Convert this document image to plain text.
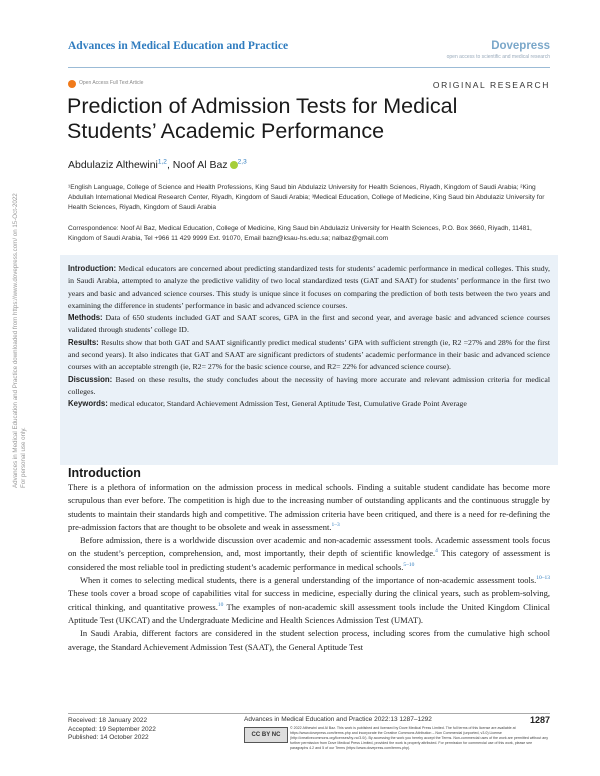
Advances in Medical Education and Practice	Dovepress
open access to scientific and medical research
Open Access Full Text Article	ORIGINAL RESEARCH
Prediction of Admission Tests for Medical Students’ Academic Performance
Abdulaziz Althewini$^{1,2}$, Noof Al Baz $^{2,3}$
¹English Language, College of Science and Health Professions, King Saud bin Abdulaziz University for Health Sciences, Riyadh, Kingdom of Saudi Arabia; ²King Abdullah International Medical Research Center, Riyadh, Kingdom of Saudi Arabia; ³Medical Education, College of Medicine, King Saud bin Abdulaziz University for Health Sciences, Riyadh, Kingdom of Saudi Arabia
Correspondence: Noof Al Baz, Medical Education, College of Medicine, King Saud bin Abdulaziz University for Health Sciences, P.O. Box 3660, Riyadh, 11481, Kingdom of Saudi Arabia, Tel +966 11 429 9999 Ext. 91070, Email bazn@ksau-hs.edu.sa; nalbaz@gmail.com

Introduction: Medical educators are concerned about predicting standardized tests for students’ academic performance in medical colleges. This study, in Saudi Arabia, attempted to analyze the predictive validity of two local standardized tests (GAT and SAAT) for students’ performance in the first two years and basic and advanced science courses. This study is unique since it focuses on comparing the prediction of both tests between the two years and examining the difference in students’ performance in basic and advanced science courses.

Methods: Data of 650 students included GAT and SAAT scores, GPA in the first and second year, and average basic and advanced science courses validated through students’ college ID.

Results: Results show that both GAT and SAAT significantly predict medical students’ GPA with sufficient strength (ie, R2 =27% and 28% for the first and second years). It also indicates that GAT and SAAT are significant predictors of students’ academic performance in their basic and advanced science courses with an acceptable strength (ie, R2= 27% for the basic science course, and R2= 22% for advanced science course).

Discussion: Based on these results, the study concludes about the necessity of having more accurate and relevant admission criteria for medical colleges.

Keywords: medical educator, Standard Achievement Admission Test, General Aptitude Test, Cumulative Grade Point Average

Introduction

There is a plethora of information on the admission process in medical schools. Finding a suitable student candidate has become more scrupulous than ever before. The competition is high due to the increasing number of outstanding applicants and the continuous struggle by students to maintain their standards high and competitive. The admission criteria have been critiqued, and there is a need for re-defining the pre-admission factors that are thought to be obsolete and weak in assessment.$^{1-3}$

Before admission, there is a worldwide discussion over academic and non-academic assessment tools. Academic assessment tools focus on the student’s perception, comprehension, and, most importantly, their depth of scientific knowledge.$^4$ This category of assessment is considered the most reliable tool in predicting student’s academic performance in medical schools.$^{5-10}$

When it comes to selecting medical students, there is a general understanding of the importance of non-academic assessment tools.$^{10-13}$ These tools cover a broad scope of capabilities vital for success in medicine, especially during the clinical years, such as problem-solving, critical thinking, and quantitative prowess.$^{10}$ The examples of non-academic skill assessment tools include the United Kingdom Clinical Aptitude Test (UKCAT) and the Undergraduate Medicine and Health Sciences Admission Test (UMAT).

In Saudi Arabia, different factors are considered in the student selection process, including scores from the cumulative high school average, the Standard Achievement Admission Test (SAAT), the General Aptitude Test

Advances in Medical Education and Practice downloaded from https://www.dovepress.com/ on 15-Oct-2022 For personal use only.
Received: 18 January 2022
Accepted: 19 September 2022
Published: 14 October 2022
Advances in Medical Education and Practice 2022:13 1287–1292	1287
CC BY NC
© 2022 Althewini and Al Baz. This work is published and licensed by Dove Medical Press Limited. The full terms of this license are available at https://www.dovepress.com/terms.php and incorporate the Creative Commons Attribution – Non Commercial (unported, v3.0) License (http://creativecommons.org/licenses/by-nc/3.0/). By accessing the work you hereby accept the Terms. Non-commercial uses of the work are permitted without any further permission from Dove Medical Press Limited, provided the work is properly attributed. For permission for commercial use of this work, please see paragraphs 4.2 and 5 of our Terms (https://www.dovepress.com/terms.php).
